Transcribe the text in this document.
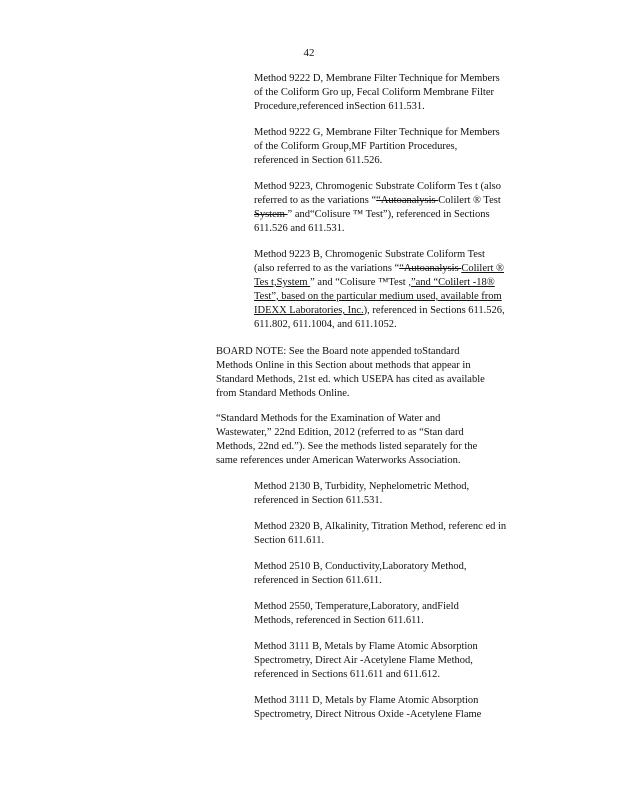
42
Method 9222 D, Membrane Filter Technique for Members
of the Coliform Gro up, Fecal Coliform Membrane Filter
Procedure,referenced inSection 611.531.
Method 9222 G, Membrane Filter Technique for Members
of the Coliform Group,MF Partition Procedures,
referenced in Section 611.526.
Method 9223, Chromogenic Substrate Coliform Tes t (also
referred to as the variations ““Autoanalysis Colilert ® Test
System ” and“Colisure ™ Test”), referenced in Sections
611.526 and 611.531.
Method 9223 B, Chromogenic Substrate Coliform Test
(also referred to as the variations ““Autoanalysis Colilert ®
Tes t,System ” and “Colisure ™Test ,”and “Colilert -18®
Test”, based on the particular medium used, available from
IDEXX Laboratories, Inc.), referenced in Sections 611.526,
611.802, 611.1004, and 611.1052.
BOARD NOTE: See the Board note appended toStandard
Methods Online in this Section about methods that appear in
Standard Methods, 21st ed. which USEPA has cited as available
from Standard Methods Online.
“Standard Methods for the Examination of Water and
Wastewater,” 22nd Edition, 2012 (referred to as “Stan dard
Methods, 22nd ed.”). See the methods listed separately for the
same references under American Waterworks Association.
Method 2130 B, Turbidity, Nephelometric Method,
referenced in Section 611.531.
Method 2320 B, Alkalinity, Titration Method, referenc ed in
Section 611.611.
Method 2510 B, Conductivity,Laboratory Method,
referenced in Section 611.611.
Method 2550, Temperature,Laboratory, andField
Methods, referenced in Section 611.611.
Method 3111 B, Metals by Flame Atomic Absorption
Spectrometry, Direct Air -Acetylene Flame Method,
referenced in Sections 611.611 and 611.612.
Method 3111 D, Metals by Flame Atomic Absorption
Spectrometry, Direct Nitrous Oxide -Acetylene Flame
